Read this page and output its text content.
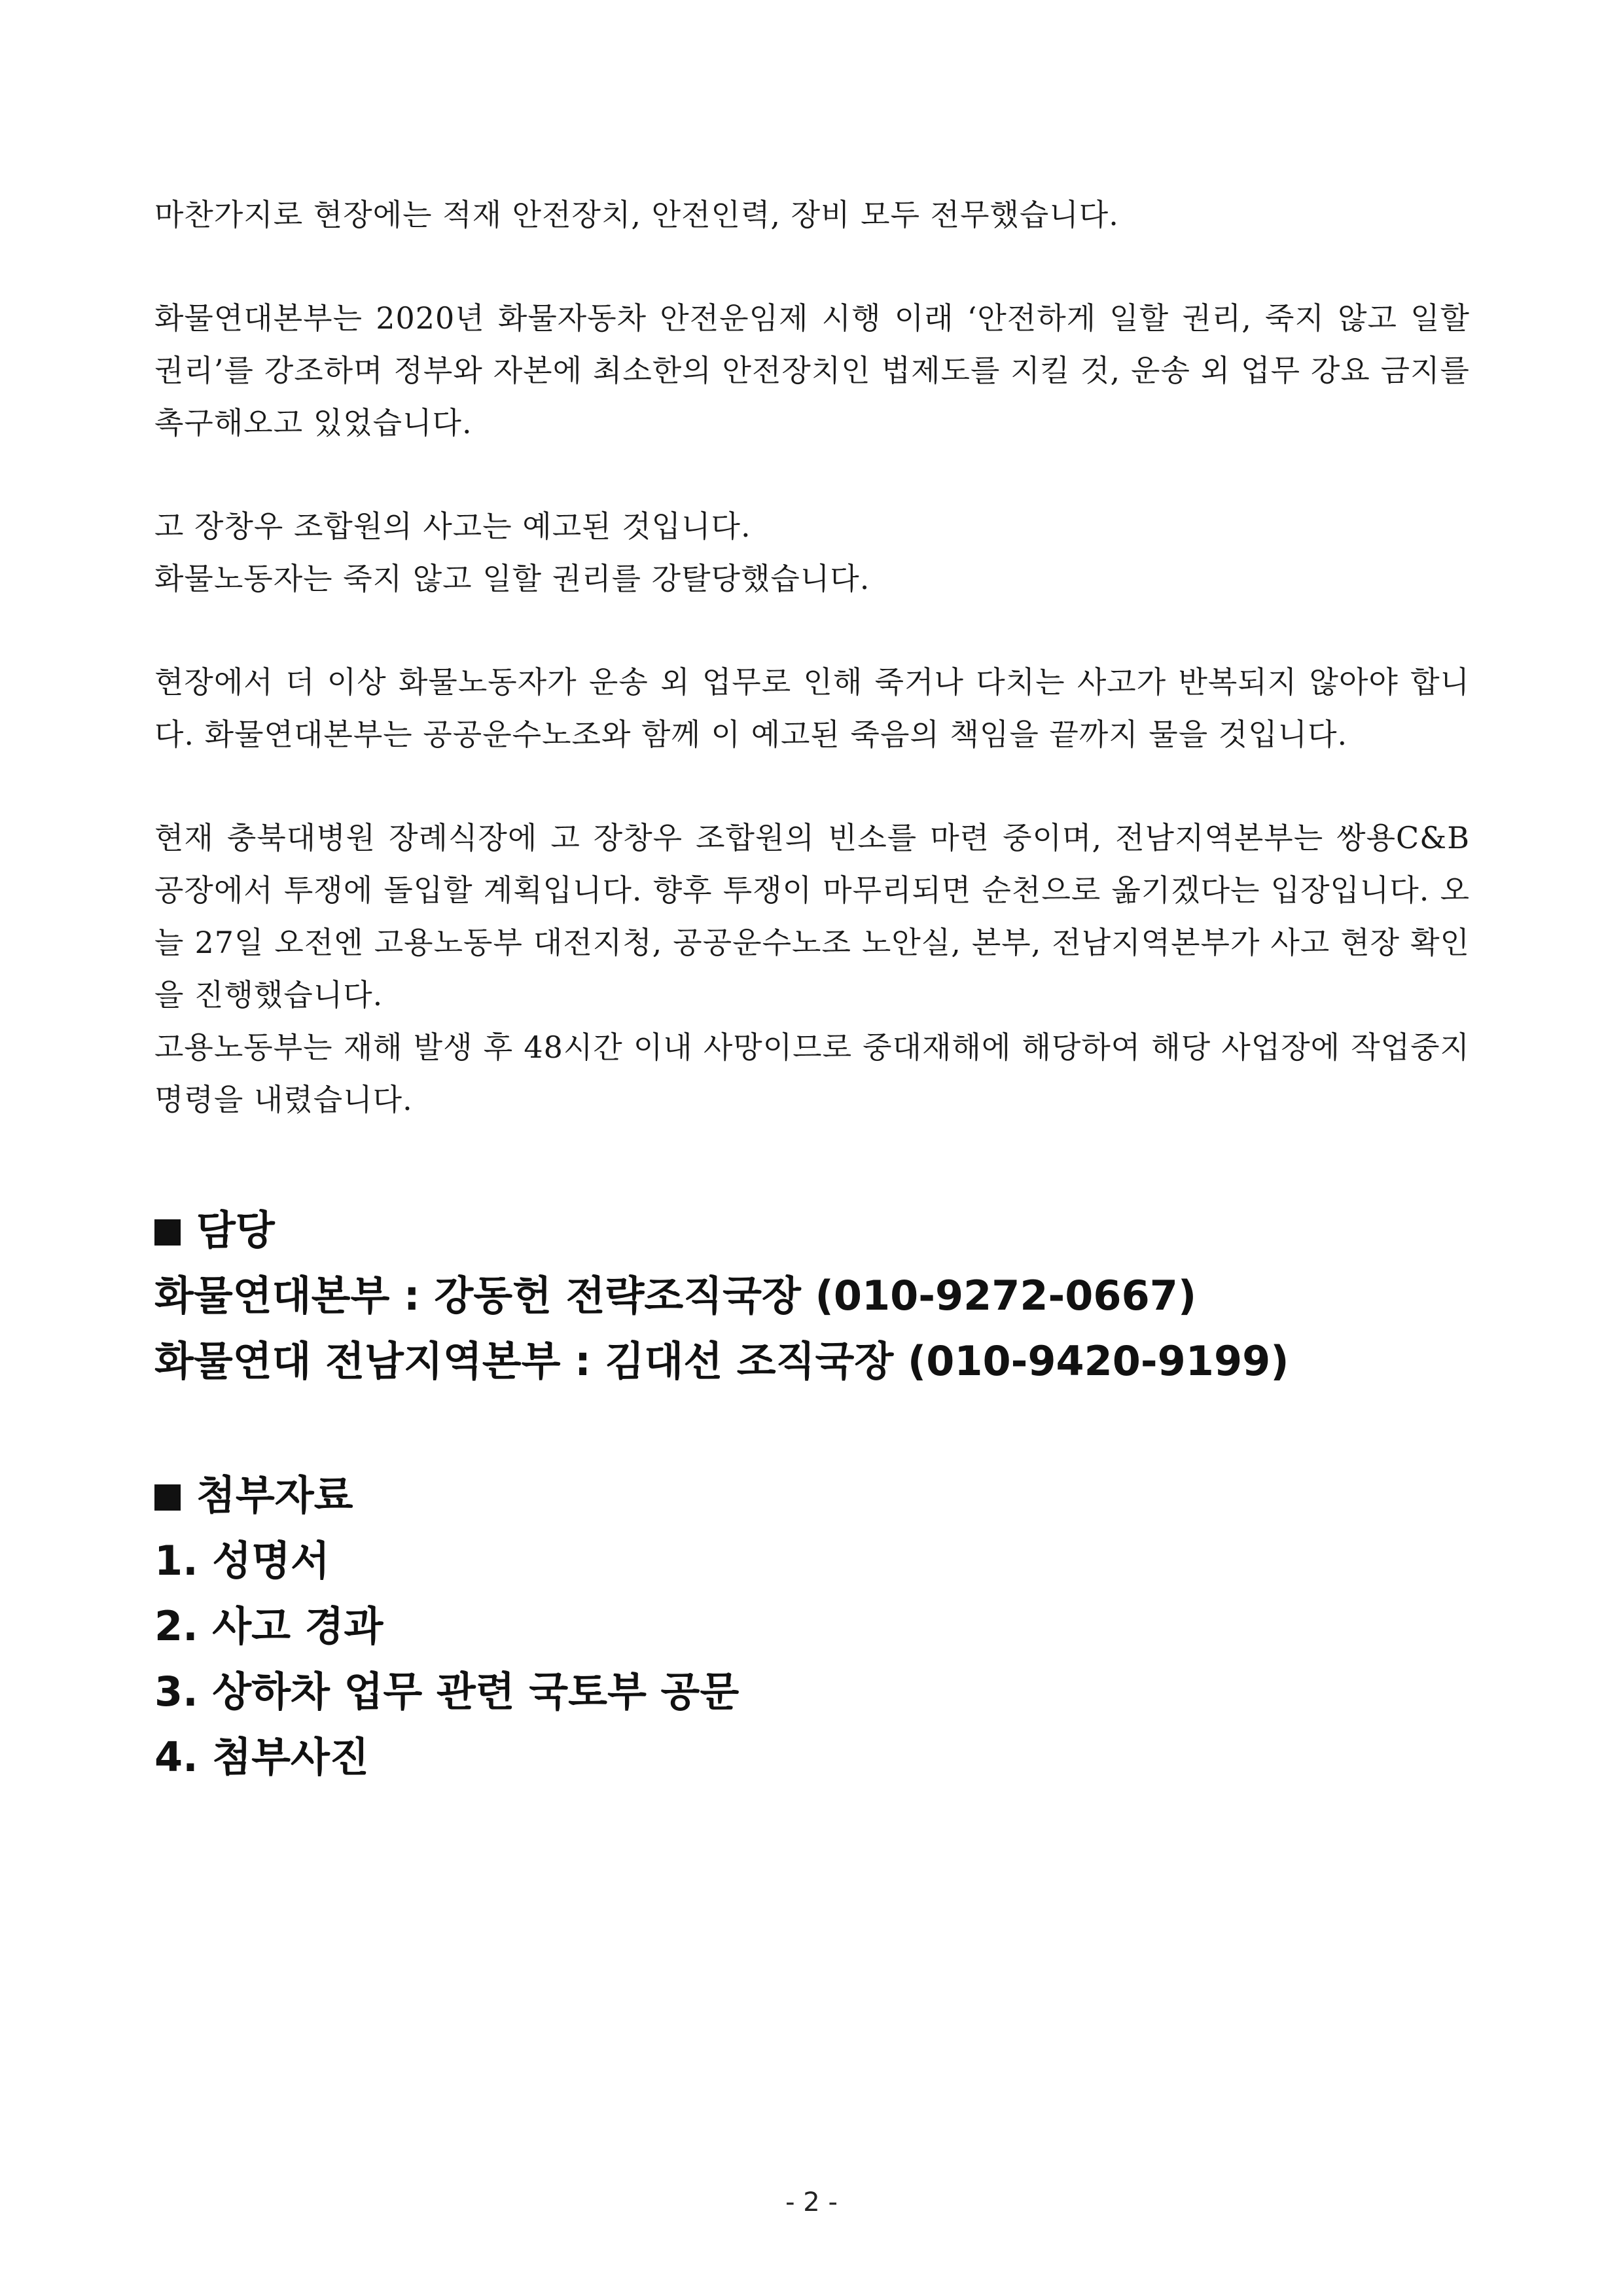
마찬가지로 현장에는 적재 안전장치, 안전인력, 장비 모두 전무했습니다.

화물연대본부는 2020년 화물자동차 안전운임제 시행 이래 ‘안전하게 일할 권리, 죽지 않고 일할 권리’를 강조하며 정부와 자본에 최소한의 안전장치인 법제도를 지킬 것, 운송 외 업무 강요 금지를 촉구해오고 있었습니다.

고 장창우 조합원의 사고는 예고된 것입니다.

화물노동자는 죽지 않고 일할 권리를 강탈당했습니다.

현장에서 더 이상 화물노동자가 운송 외 업무로 인해 죽거나 다치는 사고가 반복되지 않아야 합니다. 화물연대본부는 공공운수노조와 함께 이 예고된 죽음의 책임을 끝까지 물을 것입니다.

현재 충북대병원 장례식장에 고 장창우 조합원의 빈소를 마련 중이며, 전남지역본부는 쌍용C&B공장에서 투쟁에 돌입할 계획입니다. 향후 투쟁이 마무리되면 순천으로 옮기겠다는 입장입니다. 오늘 27일 오전엔 고용노동부 대전지청, 공공운수노조 노안실, 본부, 전남지역본부가 사고 현장 확인을 진행했습니다.

고용노동부는 재해 발생 후 48시간 이내 사망이므로 중대재해에 해당하여 해당 사업장에 작업중지 명령을 내렸습니다.

담당
화물연대본부 : 강동헌 전략조직국장 (010-9272-0667)
화물연대 전남지역본부 : 김대선 조직국장 (010-9420-9199)
첨부자료
1. 성명서
2. 사고 경과
3. 상하차 업무 관련 국토부 공문
4. 첨부사진
- 2 -
